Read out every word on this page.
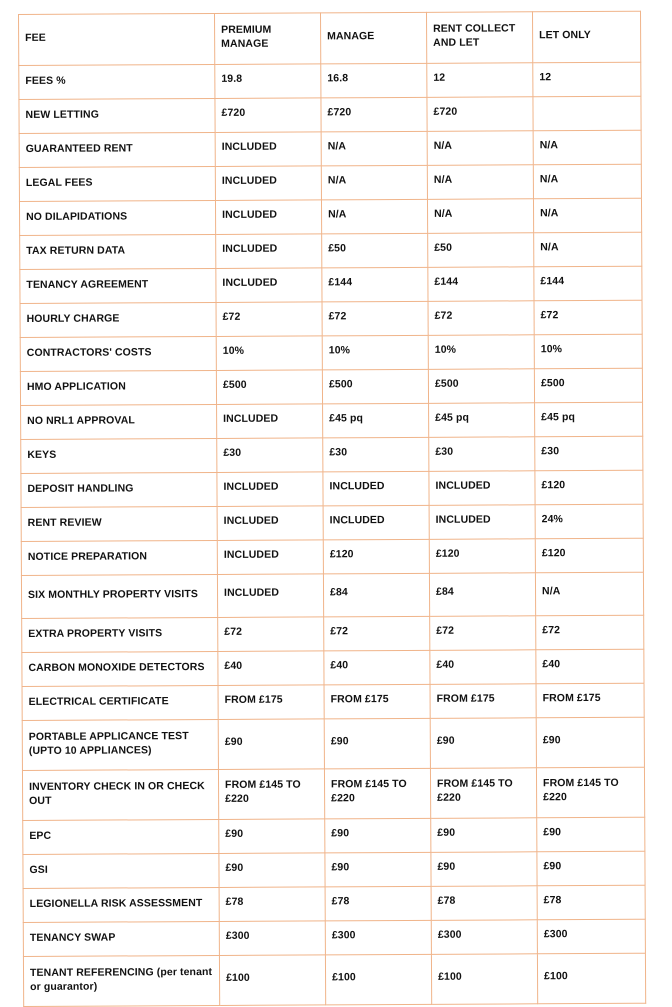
FEE	PREMIUM MANAGE	MANAGE	RENT COLLECT AND LET	LET ONLY
FEES %	19.8	16.8	12	12
NEW LETTING	£720	£720	£720	
GUARANTEED RENT	INCLUDED	N/A	N/A	N/A
LEGAL FEES	INCLUDED	N/A	N/A	N/A
NO DILAPIDATIONS	INCLUDED	N/A	N/A	N/A
TAX RETURN DATA	INCLUDED	£50	£50	N/A
TENANCY AGREEMENT	INCLUDED	£144	£144	£144
HOURLY CHARGE	£72	£72	£72	£72
CONTRACTORS' COSTS	10%	10%	10%	10%
HMO APPLICATION	£500	£500	£500	£500
NO NRL1 APPROVAL	INCLUDED	£45 pq	£45 pq	£45 pq
KEYS	£30	£30	£30	£30
DEPOSIT HANDLING	INCLUDED	INCLUDED	INCLUDED	£120
RENT REVIEW	INCLUDED	INCLUDED	INCLUDED	24%
NOTICE PREPARATION	INCLUDED	£120	£120	£120
SIX MONTHLY PROPERTY VISITS	INCLUDED	£84	£84	N/A
EXTRA PROPERTY VISITS	£72	£72	£72	£72
CARBON MONOXIDE DETECTORS	£40	£40	£40	£40
ELECTRICAL CERTIFICATE	FROM £175	FROM £175	FROM £175	FROM £175
PORTABLE APPLICANCE TEST (UPTO 10 APPLIANCES)	£90	£90	£90	£90
INVENTORY CHECK IN OR CHECK OUT	FROM £145 TO £220	FROM £145 TO £220	FROM £145 TO £220	FROM £145 TO £220
EPC	£90	£90	£90	£90
GSI	£90	£90	£90	£90
LEGIONELLA RISK ASSESSMENT	£78	£78	£78	£78
TENANCY SWAP	£300	£300	£300	£300
TENANT REFERENCING (per tenant or guarantor)	£100	£100	£100	£100
